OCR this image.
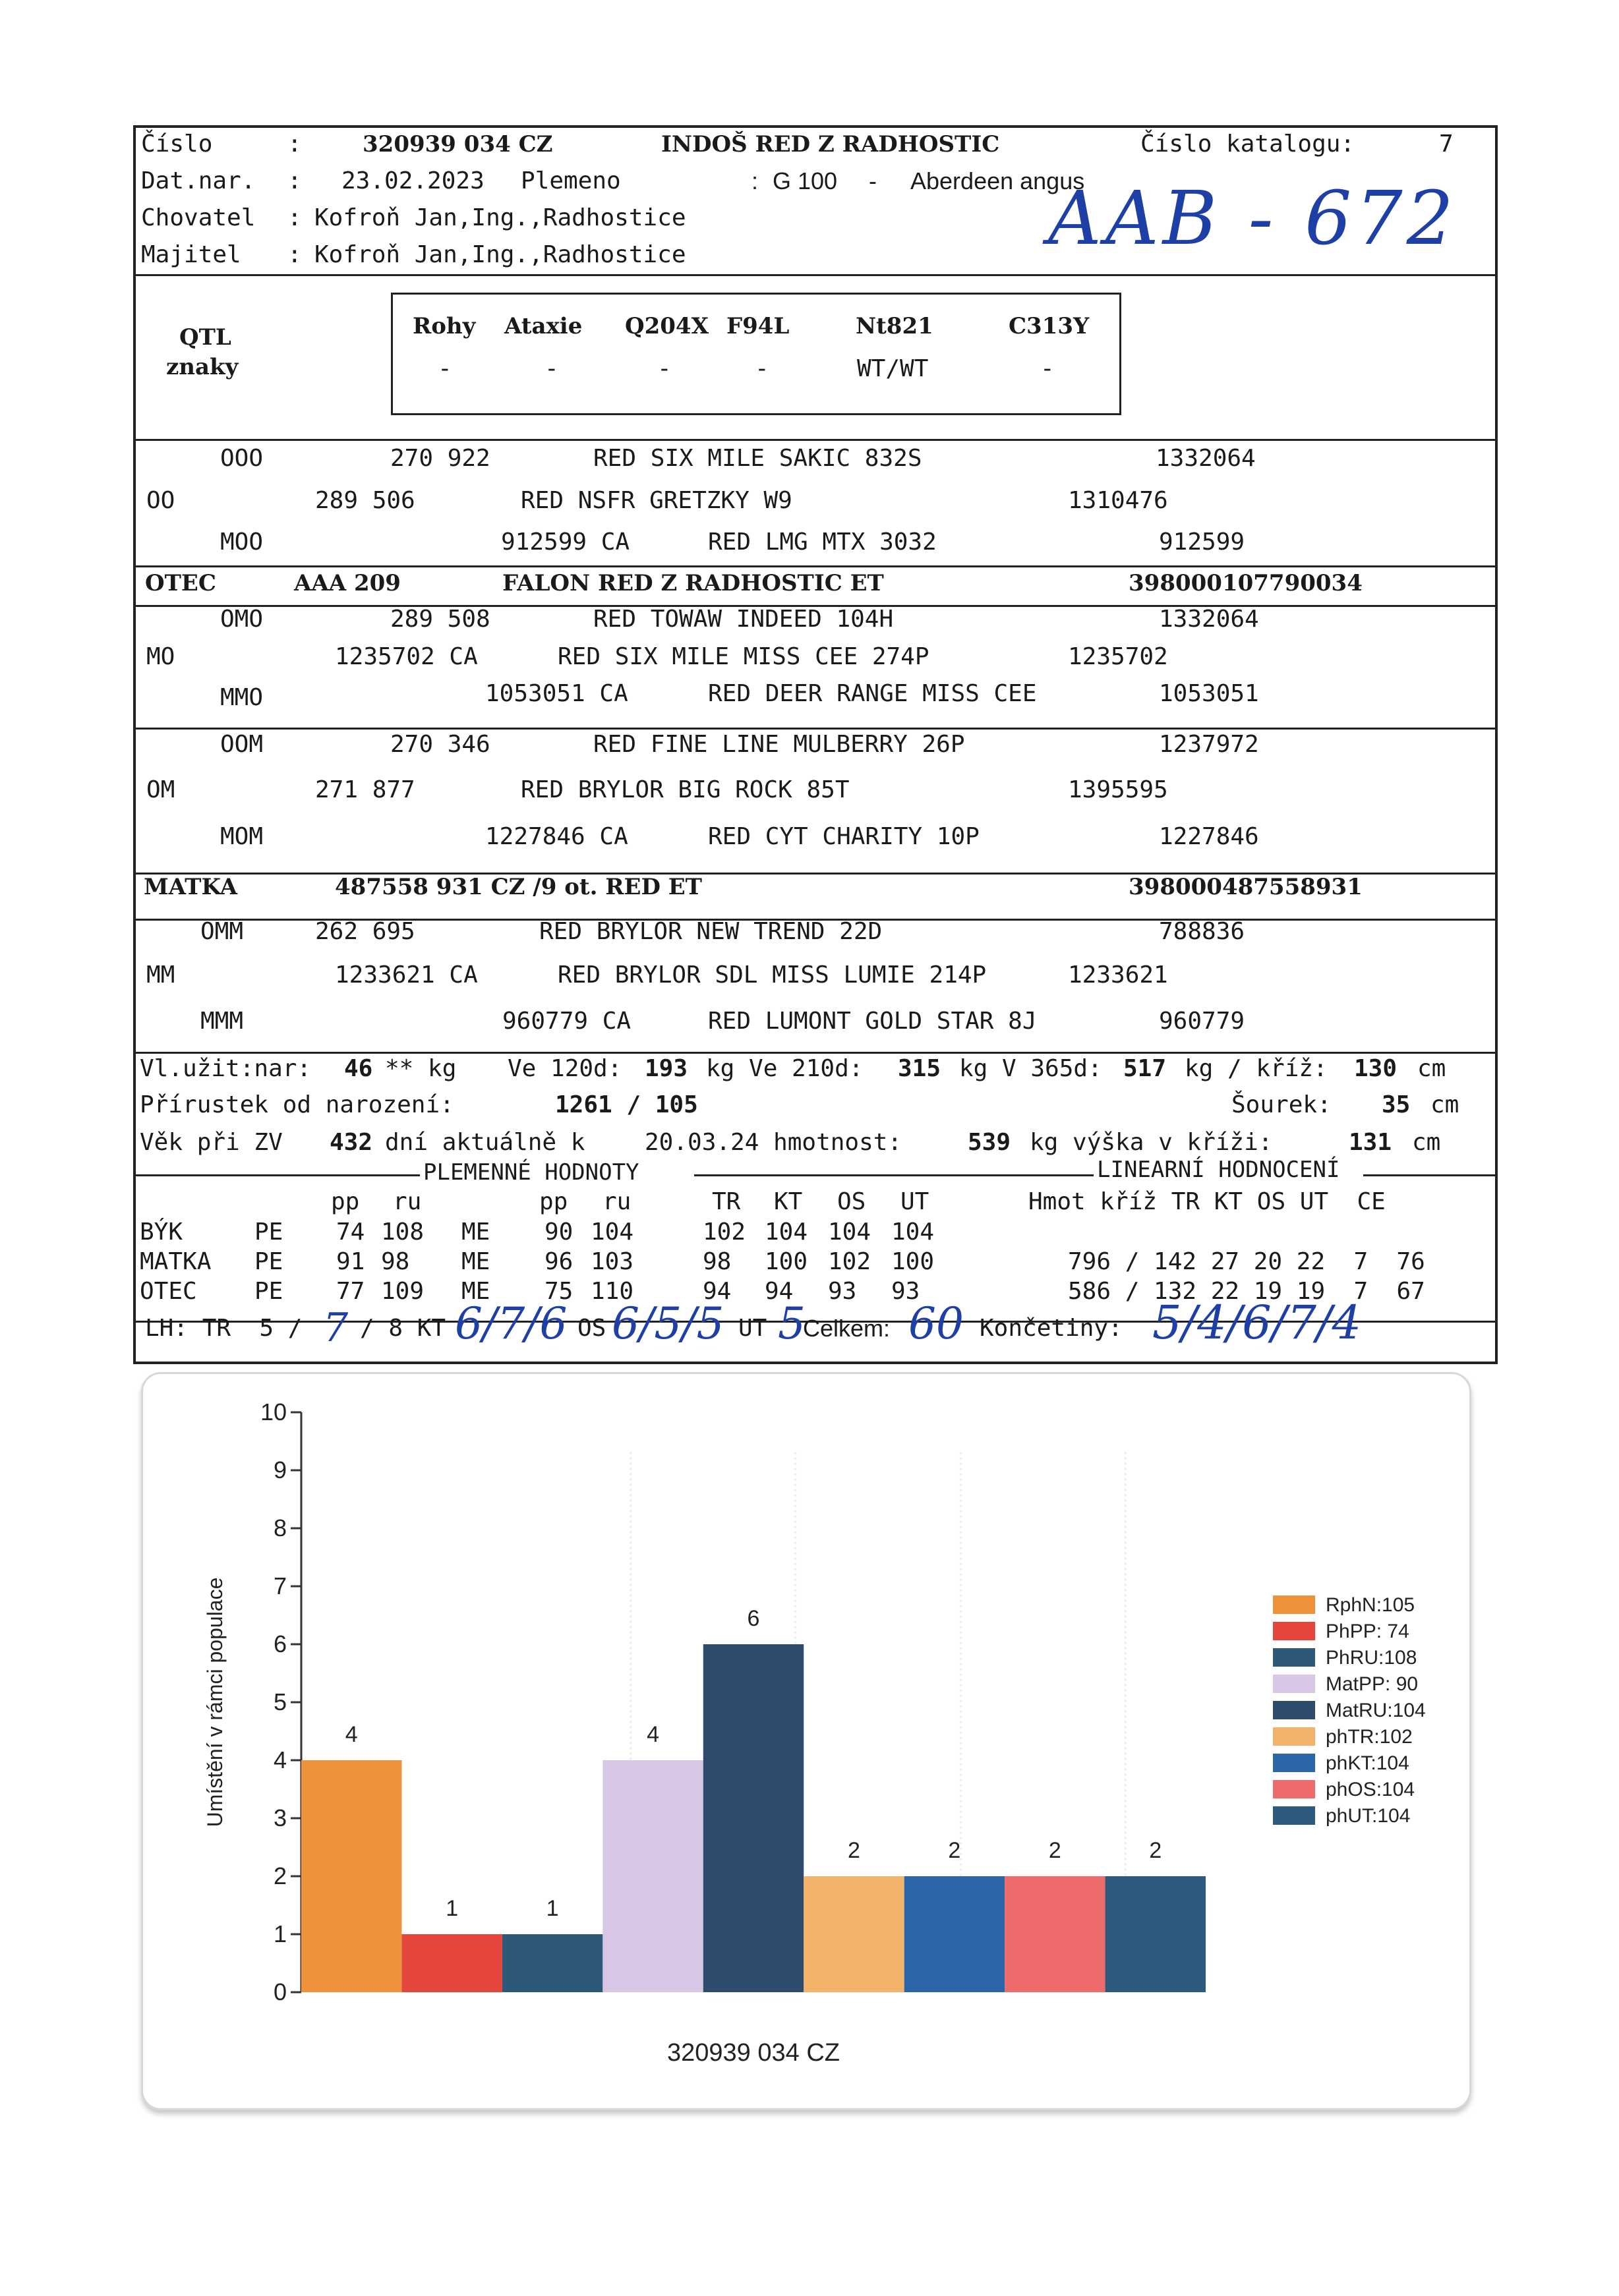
Číslo	:	320939 034 CZ	INDOŠ RED Z RADHOSTIC	Číslo katalogu:	7
Dat.nar. : 23.02.2023 Plemeno	: G 100 - Aberdeen angus
Chovatel : Kofroň Jan,Ing.,Radhostice
Majitel : Kofroň Jan,Ing.,Radhostice	AAB - 672
QTL
znaky
Rohy Ataxie Q204X F94L	Nt821	C313Y
-	-	-	-	WT/WT	-
OOO	270 922	RED SIX MILE SAKIC 832S	1332064
OO	289 506	RED NSFR GRETZKY W9	1310476
MOO	912599 CA	RED LMG MTX 3032	912599
OTEC	AAA 209	FALON RED Z RADHOSTIC ET	398000107790034
OMO	289 508	RED TOWAW INDEED 104H	1332064
MO	1235702 CA	RED SIX MILE MISS CEE 274P	1235702
MMO	1053051 CA	RED DEER RANGE MISS CEE	1053051
OOM	270 346	RED FINE LINE MULBERRY 26P	1237972
OM	271 877	RED BRYLOR BIG ROCK 85T	1395595
MOM	1227846 CA	RED CYT CHARITY 10P	1227846
MATKA	487558 931 CZ /9 ot. RED ET	398000487558931
OMM	262 695	RED BRYLOR NEW TREND 22D	788836
MM	1233621 CA	RED BRYLOR SDL MISS LUMIE 214P	1233621
MMM	960779 CA	RED LUMONT GOLD STAR 8J	960779
Vl.užit:nar: 46 ** kg Ve 120d: 193 kg Ve 210d: 315 kg V 365d: 517 kg / kříž: 130 cm
Přírustek od narození:	1261 / 105	Šourek: 35 cm
Věk při ZV 432 dní aktuálně k	20.03.24 hmotnost:	539 kg výška v kříži:	131 cm
PLEMENNÉ HODNOTY	LINEARNÍ HODNOCENÍ
pp ru	pp ru	TR KT OS UT	Hmot kříž TR KT OS UT  CE
BÝK	PE 74 108 ME 90 104	102 104 104 104
MATKA PE 91 98 ME 96 103	98 100 102 100	796 / 142 27 20 22  7  76
OTEC PE 77 109 ME 75 110	94 94 93 93	586 / 132 22 19 19  7  67
LH: TR  5 / 7 / 8 KT 6/7/6 OS 6/5/5 UT 5
Celkem: 60 Končetiny: 5/4/6/7/4
0
1
2
3
4
5
6
7
8
9
10
Umístění v rámci populace	4
1	1
4
6
2	2	2	2
320939 034 CZ
RphN:105
PhPP: 74
PhRU:108
MatPP: 90
MatRU:104
phTR:102
phKT:104
phOS:104
phUT:104
